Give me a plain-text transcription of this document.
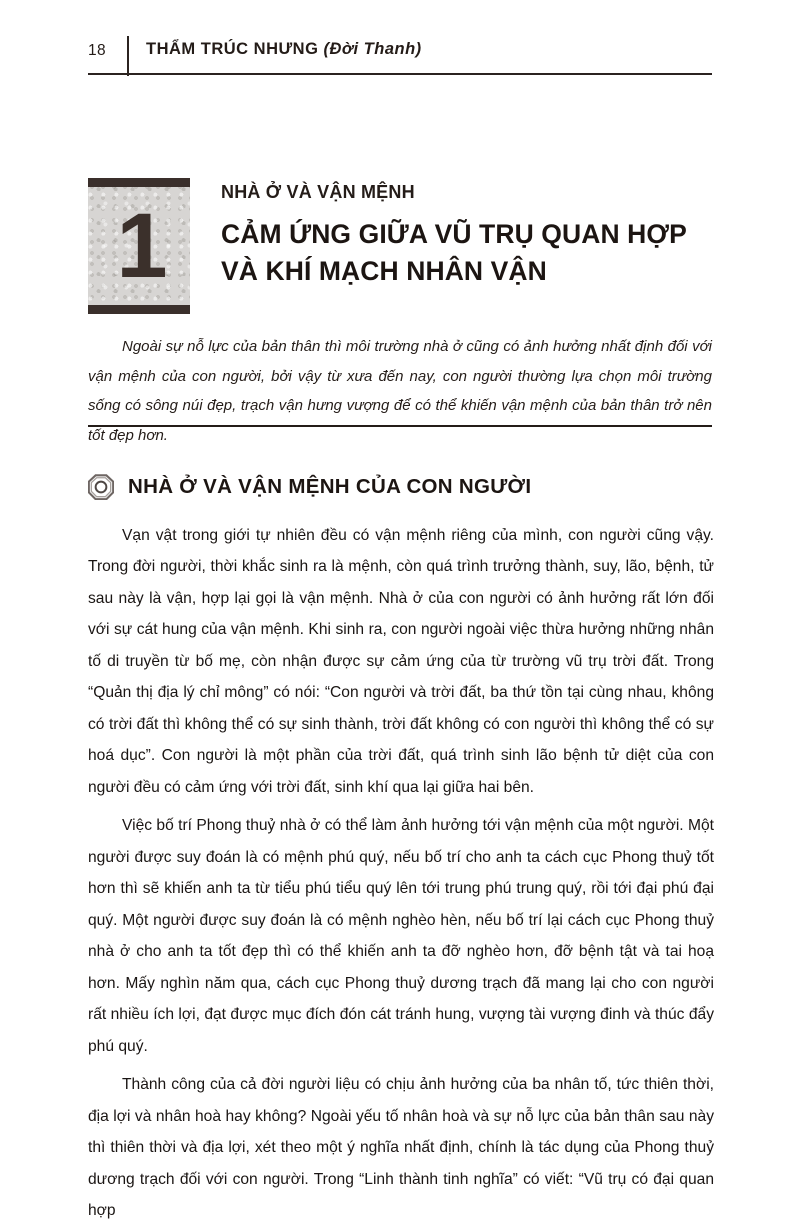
18 THẨM TRÚC NHƯNG (Đời Thanh)
1

NHÀ Ở VÀ VẬN MỆNH

CẢM ỨNG GIỮA VŨ TRỤ QUAN HỢP VÀ KHÍ MẠCH NHÂN VẬN

Ngoài sự nỗ lực của bản thân thì môi trường nhà ở cũng có ảnh hưởng nhất định đối với vận mệnh của con người, bởi vậy từ xưa đến nay, con người thường lựa chọn môi trường sống có sông núi đẹp, trạch vận hưng vượng để có thể khiến vận mệnh của bản thân trở nên tốt đẹp hơn.

NHÀ Ở VÀ VẬN MỆNH CỦA CON NGƯỜI

Vạn vật trong giới tự nhiên đều có vận mệnh riêng của mình, con người cũng vậy. Trong đời người, thời khắc sinh ra là mệnh, còn quá trình trưởng thành, suy, lão, bệnh, tử sau này là vận, hợp lại gọi là vận mệnh. Nhà ở của con người có ảnh hưởng rất lớn đối với sự cát hung của vận mệnh. Khi sinh ra, con người ngoài việc thừa hưởng những nhân tố di truyền từ bố mẹ, còn nhận được sự cảm ứng của từ trường vũ trụ trời đất. Trong “Quản thị địa lý chỉ mông” có nói: “Con người và trời đất, ba thứ tồn tại cùng nhau, không có trời đất thì không thể có sự sinh thành, trời đất không có con người thì không thể có sự hoá dục”. Con người là một phần của trời đất, quá trình sinh lão bệnh tử diệt của con người đều có cảm ứng với trời đất, sinh khí qua lại giữa hai bên.

Việc bố trí Phong thuỷ nhà ở có thể làm ảnh hưởng tới vận mệnh của một người. Một người được suy đoán là có mệnh phú quý, nếu bố trí cho anh ta cách cục Phong thuỷ tốt hơn thì sẽ khiến anh ta từ tiểu phú tiểu quý lên tới trung phú trung quý, rồi tới đại phú đại quý. Một người được suy đoán là có mệnh nghèo hèn, nếu bố trí lại cách cục Phong thuỷ nhà ở cho anh ta tốt đẹp thì có thể khiến anh ta đỡ nghèo hơn, đỡ bệnh tật và tai hoạ hơn. Mấy nghìn năm qua, cách cục Phong thuỷ dương trạch đã mang lại cho con người rất nhiều ích lợi, đạt được mục đích đón cát tránh hung, vượng tài vượng đinh và thúc đẩy phú quý.

Thành công của cả đời người liệu có chịu ảnh hưởng của ba nhân tố, tức thiên thời, địa lợi và nhân hoà hay không? Ngoài yếu tố nhân hoà và sự nỗ lực của bản thân sau này thì thiên thời và địa lợi, xét theo một ý nghĩa nhất định, chính là tác dụng của Phong thuỷ dương trạch đối với con người. Trong “Linh thành tinh nghĩa” có viết: “Vũ trụ có đại quan hợp
